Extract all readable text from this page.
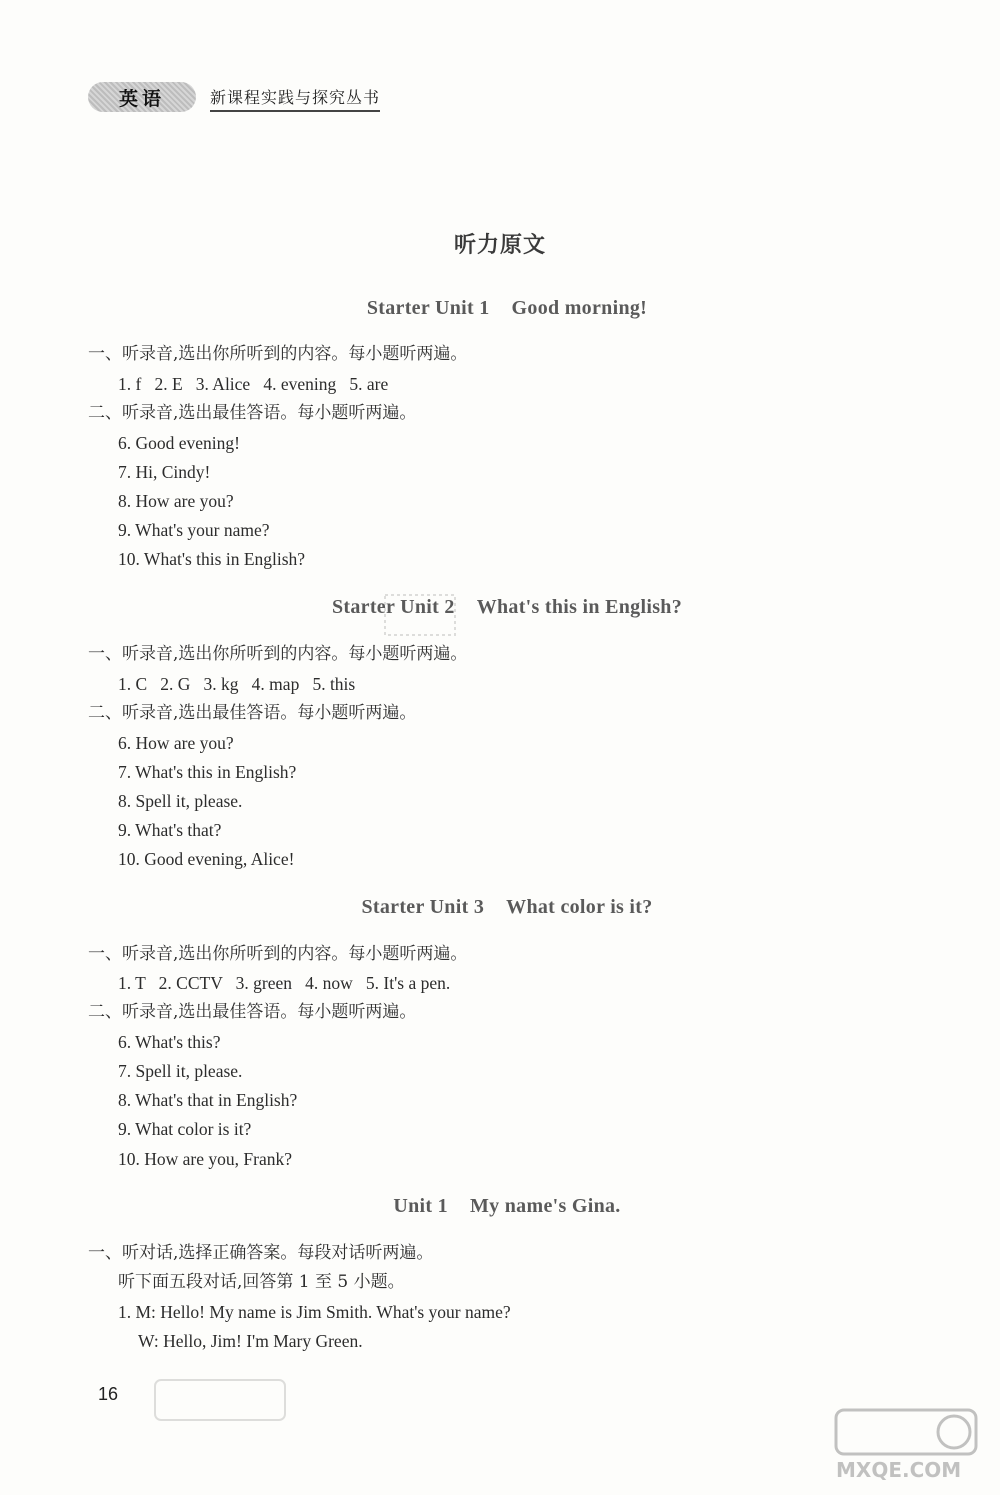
英语	新课程实践与探究丛书
听力原文
Starter Unit 1 Good morning!
一、听录音,选出你所听到的内容。每小题听两遍。
1. f   2. E   3. Alice   4. evening   5. are
二、听录音,选出最佳答语。每小题听两遍。
6. Good evening!
7. Hi, Cindy!
8. How are you?
9. What's your name?
10. What's this in English?
Starter Unit 2 What's this in English?
一、听录音,选出你所听到的内容。每小题听两遍。
1. C   2. G   3. kg   4. map   5. this
二、听录音,选出最佳答语。每小题听两遍。
6. How are you?
7. What's this in English?
8. Spell it, please.
9. What's that?
10. Good evening, Alice!
Starter Unit 3 What color is it?
一、听录音,选出你所听到的内容。每小题听两遍。
1. T   2. CCTV   3. green   4. now   5. It's a pen.
二、听录音,选出最佳答语。每小题听两遍。
6. What's this?
7. Spell it, please.
8. What's that in English?
9. What color is it?
10. How are you, Frank?
Unit 1 My name's Gina.
一、听对话,选择正确答案。每段对话听两遍。
听下面五段对话,回答第 1 至 5 小题。
1. M: Hello! My name is Jim Smith. What's your name?
W: Hello, Jim! I'm Mary Green.
16
MXQE.COM
